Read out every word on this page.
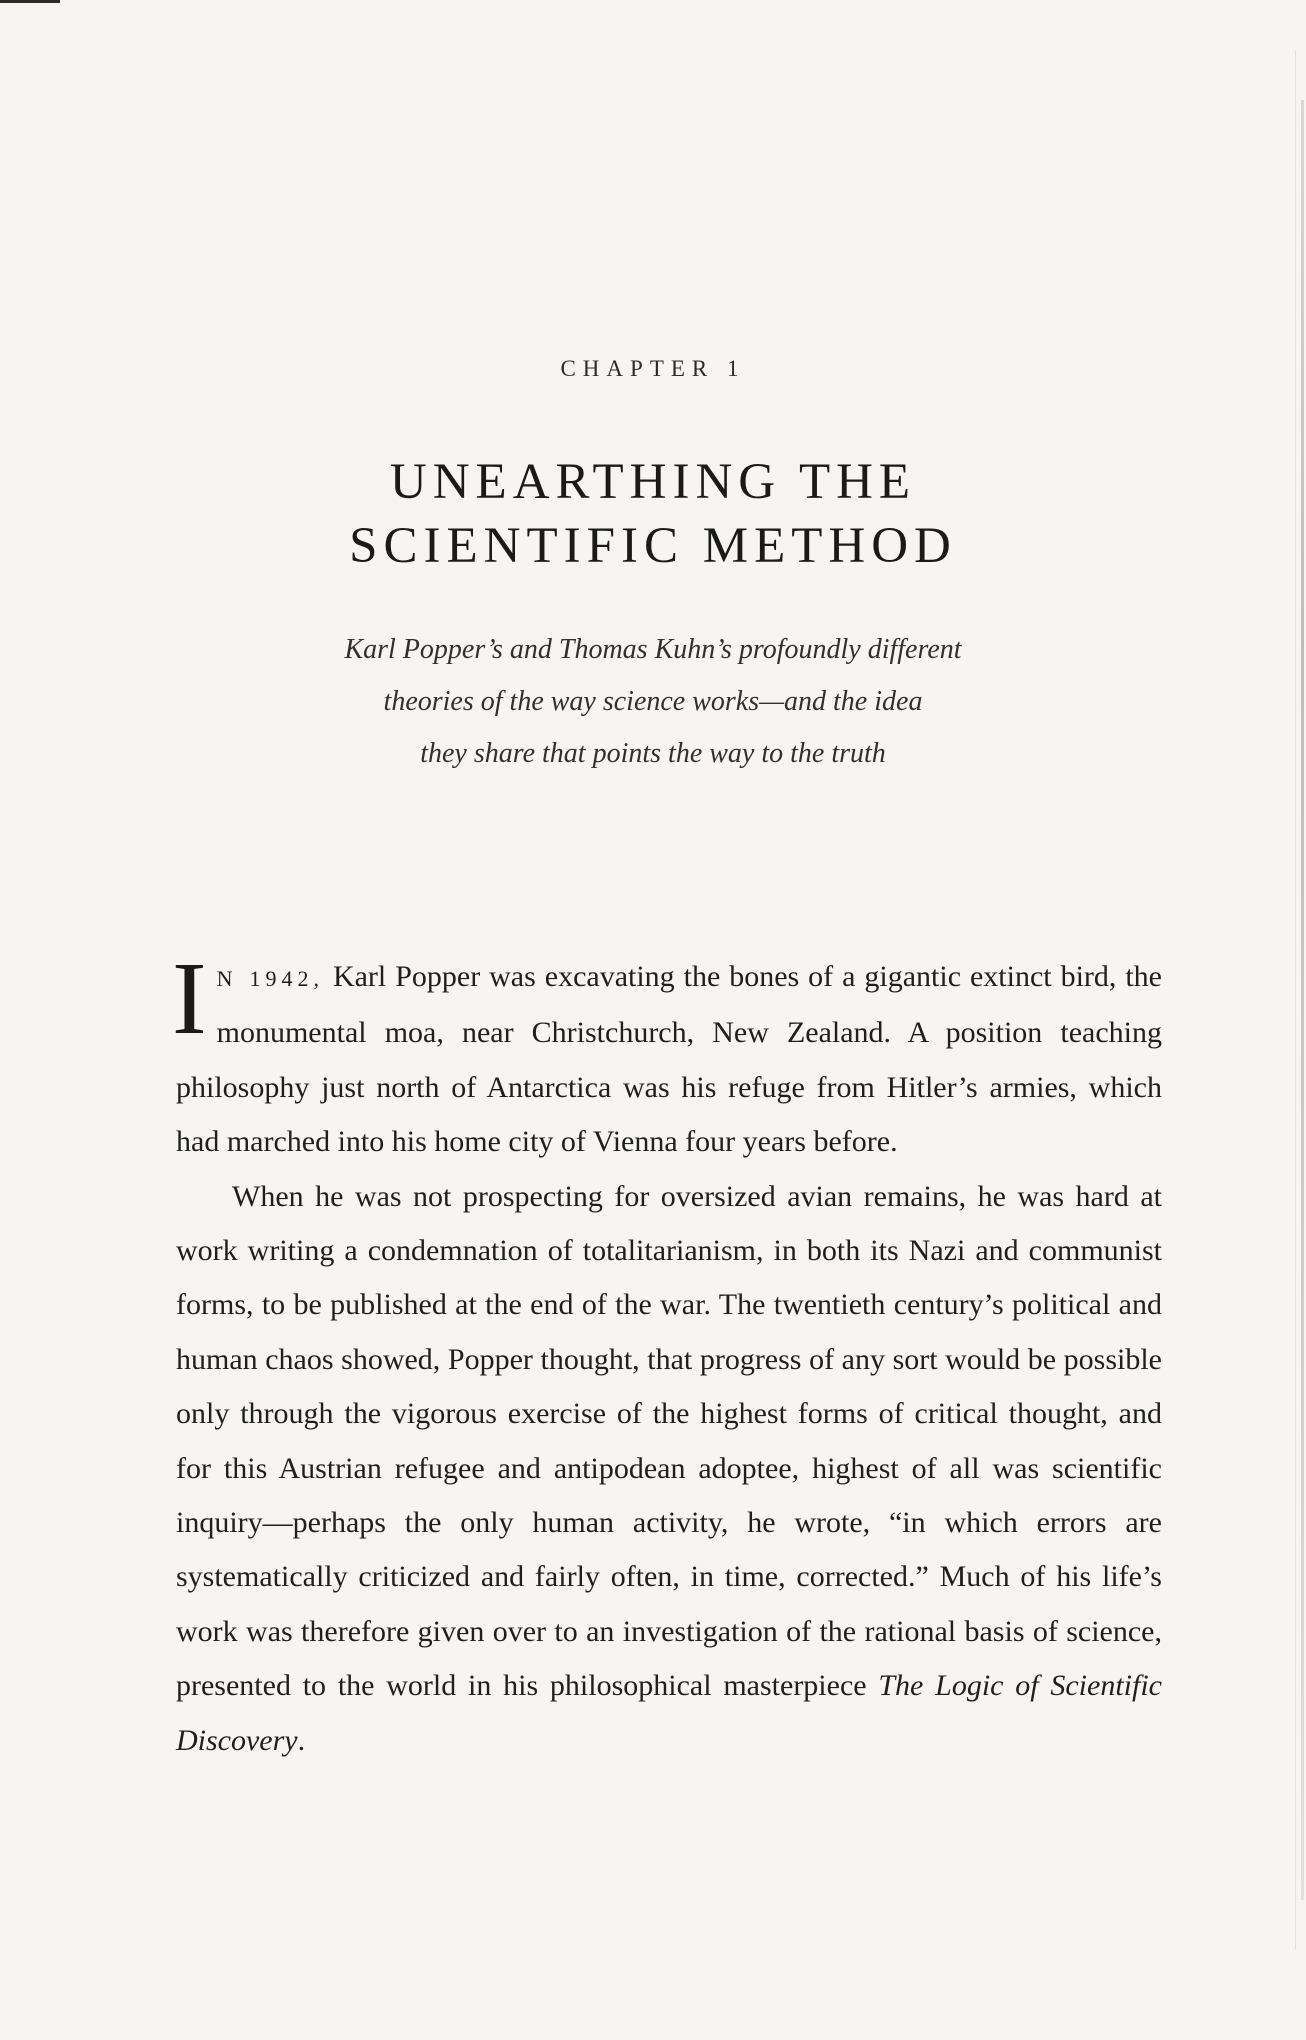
CHAPTER 1
UNEARTHING THE
SCIENTIFIC METHOD
Karl Popper’s and Thomas Kuhn’s profoundly different
theories of the way science works—and the idea
they share that points the way to the truth

I N 1942, Karl Popper was excavating the bones of a gigantic extinct bird, the monumental moa, near Christchurch, New Zealand. A position teaching philosophy just north of Antarctica was his refuge from Hitler’s armies, which had marched into his home city of Vienna four years before.

When he was not prospecting for oversized avian remains, he was hard at work writing a condemnation of totalitarianism, in both its Nazi and communist forms, to be published at the end of the war. The twentieth century’s political and human chaos showed, Popper thought, that progress of any sort would be possible only through the vigorous exercise of the highest forms of critical thought, and for this Austrian refugee and antipodean adoptee, highest of all was scientific inquiry—perhaps the only human activity, he wrote, “in which errors are systematically criticized and fairly often, in time, corrected.” Much of his life’s work was therefore given over to an investigation of the rational basis of science, presented to the world in his philosophical masterpiece The Logic of Scientific Discovery.
